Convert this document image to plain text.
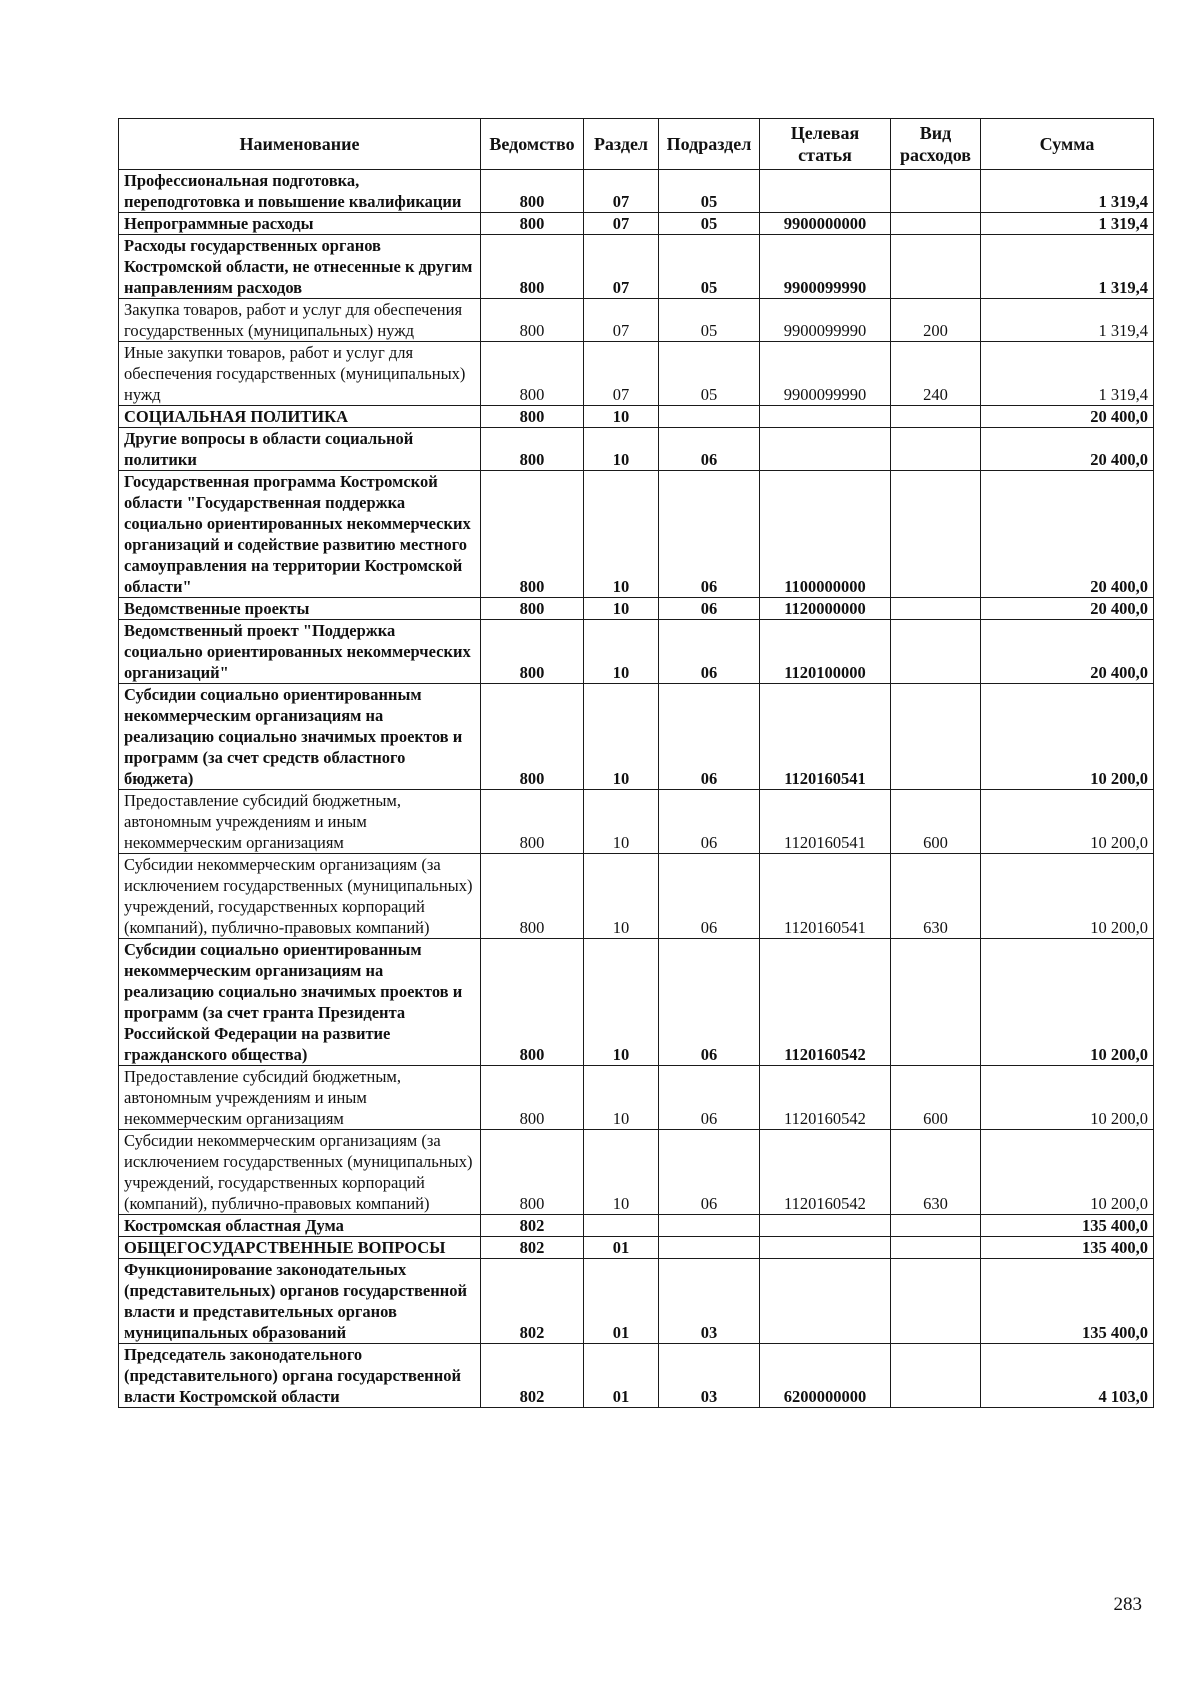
Наименование	Ведомство	Раздел	Подраздел	Целевая статья	Вид расходов	Сумма
Профессиональная подготовка, переподготовка и повышение квалификации	800	07	05			1 319,4
Непрограммные расходы	800	07	05	9900000000		1 319,4
Расходы государственных органов Костромской области, не отнесенные к другим направлениям расходов	800	07	05	9900099990		1 319,4
Закупка товаров, работ и услуг для обеспечения государственных (муниципальных) нужд	800	07	05	9900099990	200	1 319,4
Иные закупки товаров, работ и услуг для обеспечения государственных (муниципальных) нужд	800	07	05	9900099990	240	1 319,4
СОЦИАЛЬНАЯ ПОЛИТИКА	800	10				20 400,0
Другие вопросы в области социальной политики	800	10	06			20 400,0
Государственная программа Костромской области "Государственная поддержка социально ориентированных некоммерческих организаций и содействие развитию местного самоуправления на территории Костромской области"	800	10	06	1100000000		20 400,0
Ведомственные проекты	800	10	06	1120000000		20 400,0
Ведомственный проект "Поддержка социально ориентированных некоммерческих организаций"	800	10	06	1120100000		20 400,0
Субсидии социально ориентированным некоммерческим организациям на реализацию социально значимых проектов и программ (за счет средств областного бюджета)	800	10	06	1120160541		10 200,0
Предоставление субсидий бюджетным, автономным учреждениям и иным некоммерческим организациям	800	10	06	1120160541	600	10 200,0
Субсидии некоммерческим организациям (за исключением государственных (муниципальных) учреждений, государственных корпораций (компаний), публично-правовых компаний)	800	10	06	1120160541	630	10 200,0
Субсидии социально ориентированным некоммерческим организациям на реализацию социально значимых проектов и программ (за счет гранта Президента Российской Федерации на развитие гражданского общества)	800	10	06	1120160542		10 200,0
Предоставление субсидий бюджетным, автономным учреждениям и иным некоммерческим организациям	800	10	06	1120160542	600	10 200,0
Субсидии некоммерческим организациям (за исключением государственных (муниципальных) учреждений, государственных корпораций (компаний), публично-правовых компаний)	800	10	06	1120160542	630	10 200,0
Костромская областная Дума	802					135 400,0
ОБЩЕГОСУДАРСТВЕННЫЕ ВОПРОСЫ	802	01				135 400,0
Функционирование законодательных (представительных) органов государственной власти и представительных органов муниципальных образований	802	01	03			135 400,0
Председатель законодательного (представительного) органа государственной власти Костромской области	802	01	03	6200000000		4 103,0
283
